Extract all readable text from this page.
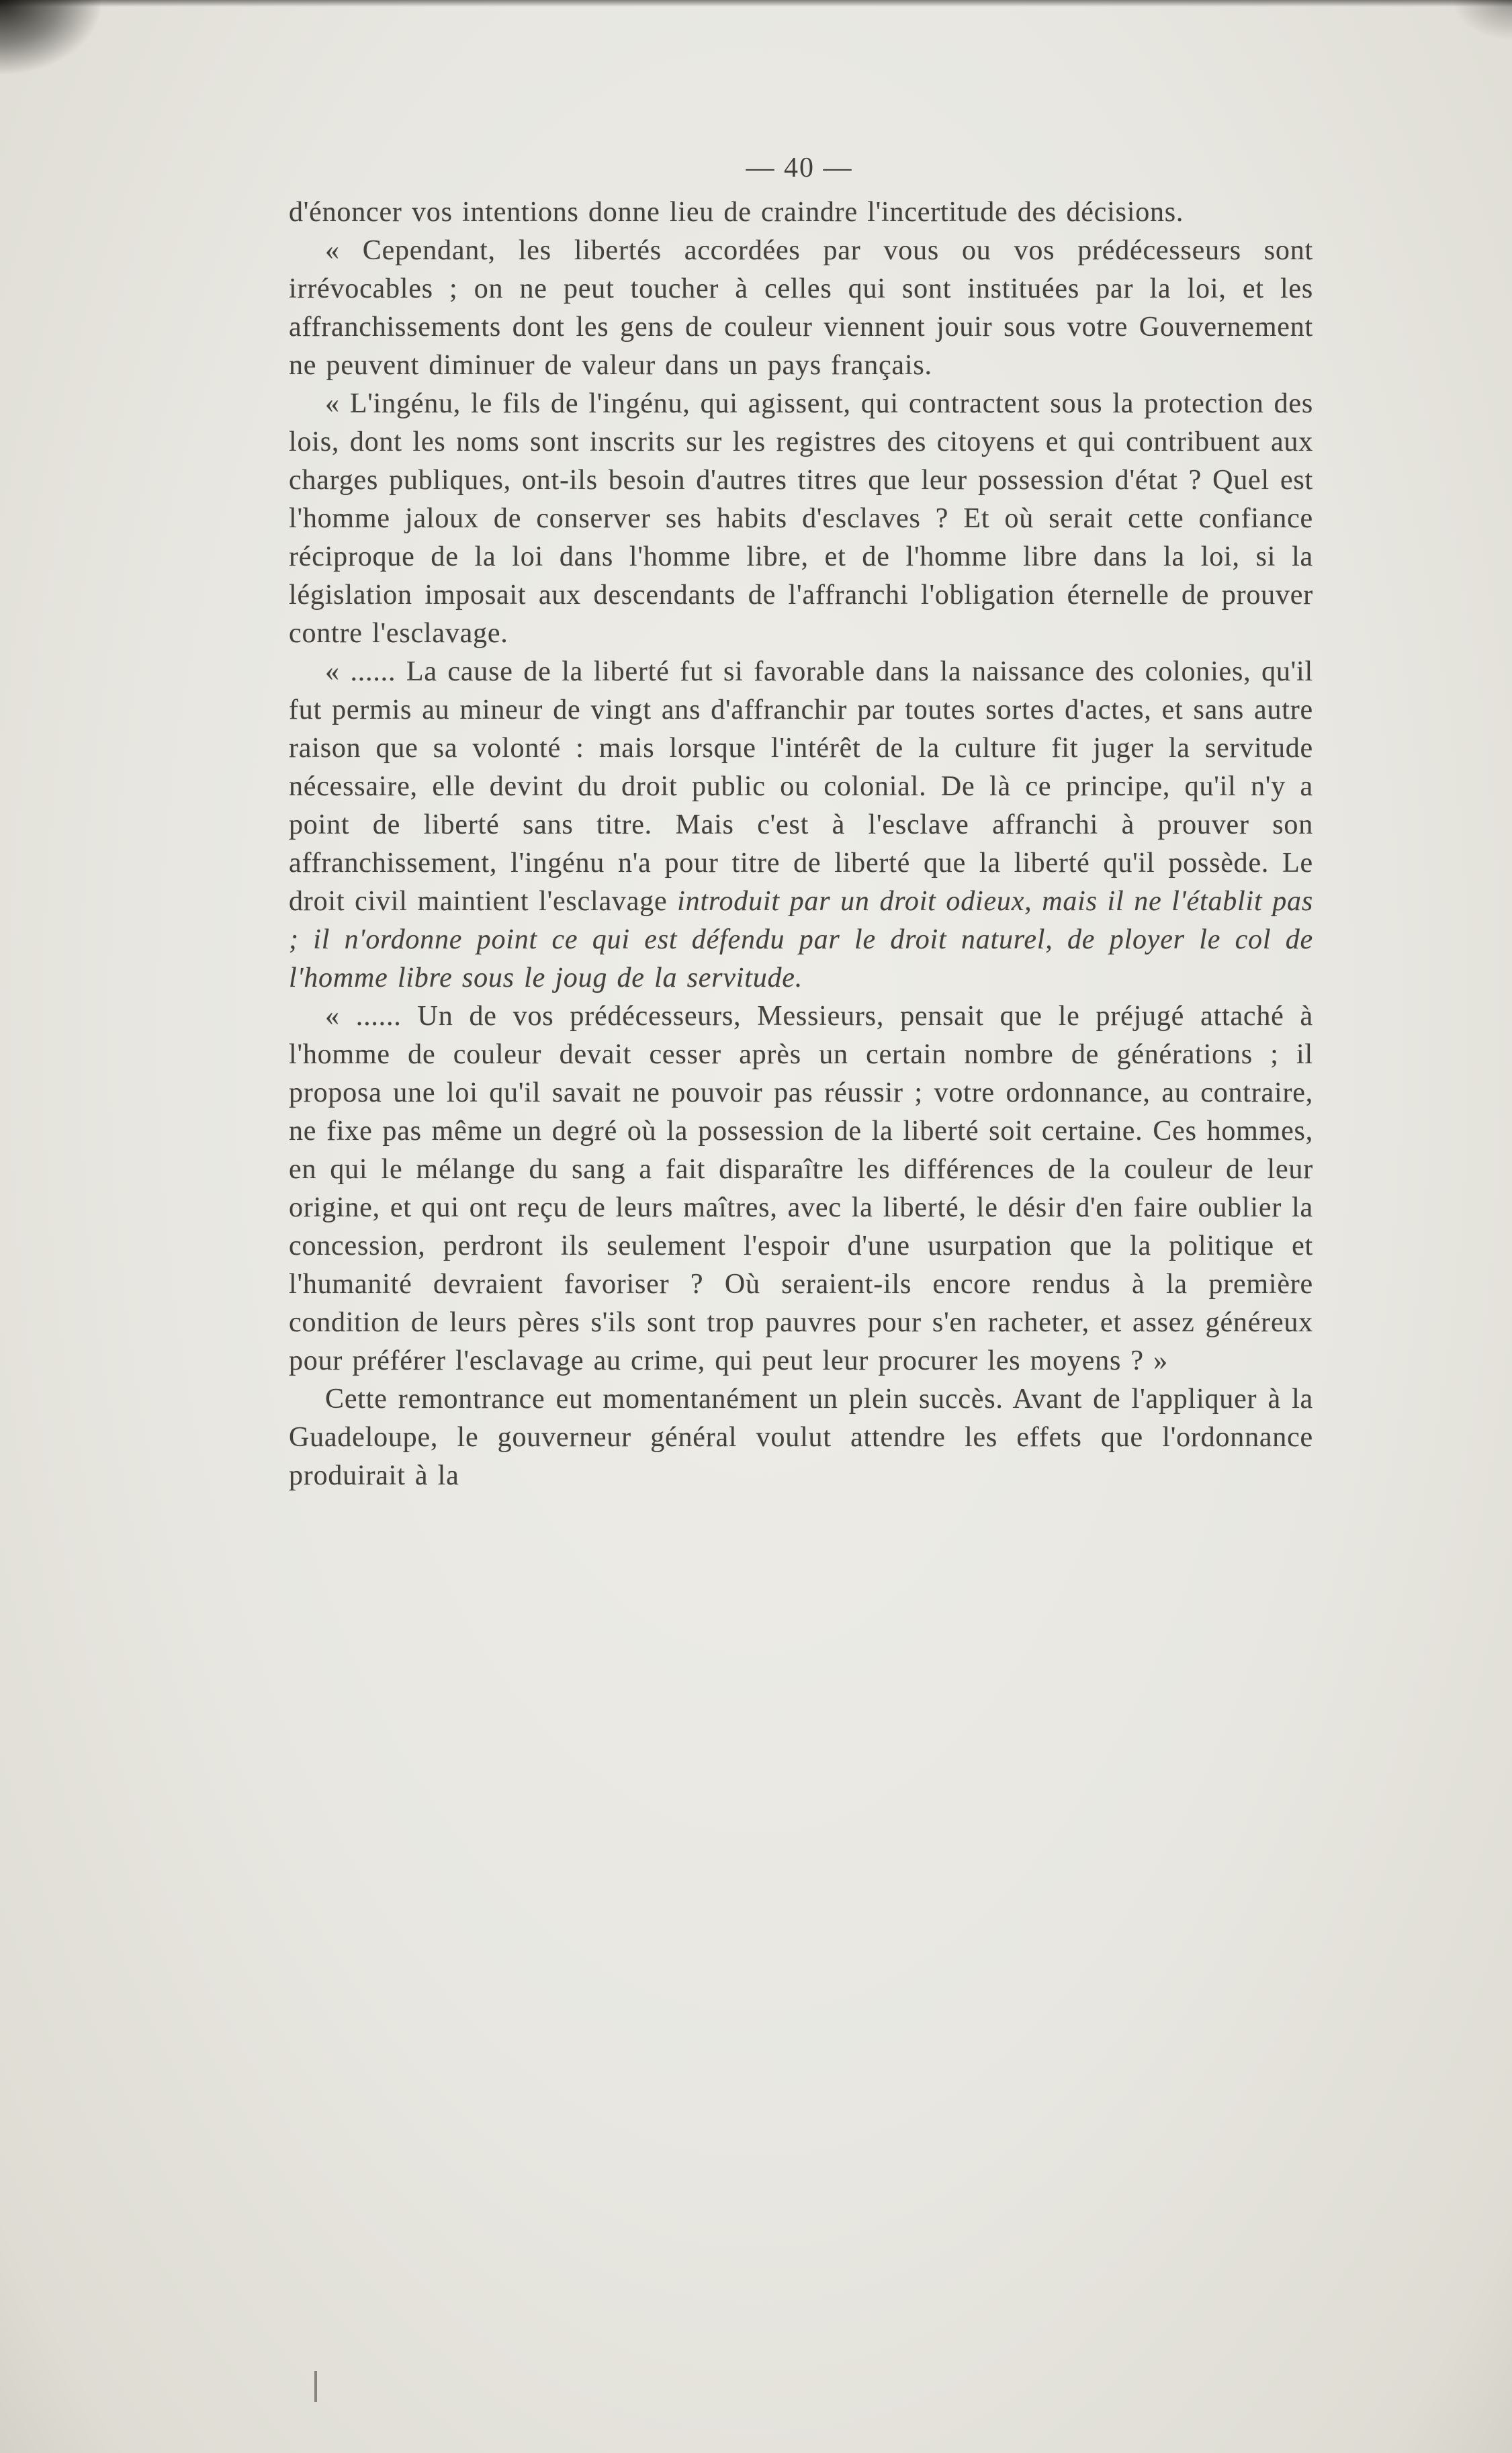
— 40 —

d'énoncer vos intentions donne lieu de craindre l'incertitude des décisions.

« Cependant, les libertés accordées par vous ou vos prédécesseurs sont irrévocables ; on ne peut toucher à celles qui sont instituées par la loi, et les affranchissements dont les gens de couleur viennent jouir sous votre Gouvernement ne peuvent diminuer de valeur dans un pays français.

« L'ingénu, le fils de l'ingénu, qui agissent, qui contractent sous la protection des lois, dont les noms sont inscrits sur les registres des citoyens et qui contribuent aux charges publiques, ont-ils besoin d'autres titres que leur possession d'état ? Quel est l'homme jaloux de conserver ses habits d'esclaves ? Et où serait cette confiance réciproque de la loi dans l'homme libre, et de l'homme libre dans la loi, si la législation imposait aux descendants de l'affranchi l'obligation éternelle de prouver contre l'esclavage.

« ...... La cause de la liberté fut si favorable dans la naissance des colonies, qu'il fut permis au mineur de vingt ans d'affranchir par toutes sortes d'actes, et sans autre raison que sa volonté : mais lorsque l'intérêt de la culture fit juger la servitude nécessaire, elle devint du droit public ou colonial. De là ce principe, qu'il n'y a point de liberté sans titre. Mais c'est à l'esclave affranchi à prouver son affranchissement, l'ingénu n'a pour titre de liberté que la liberté qu'il possède. Le droit civil maintient l'esclavage introduit par un droit odieux, mais il ne l'établit pas ; il n'ordonne point ce qui est défendu par le droit naturel, de ployer le col de l'homme libre sous le joug de la servitude.

« ...... Un de vos prédécesseurs, Messieurs, pensait que le préjugé attaché à l'homme de couleur devait cesser après un certain nombre de générations ; il proposa une loi qu'il savait ne pouvoir pas réussir ; votre ordonnance, au contraire, ne fixe pas même un degré où la possession de la liberté soit certaine. Ces hommes, en qui le mélange du sang a fait disparaître les différences de la couleur de leur origine, et qui ont reçu de leurs maîtres, avec la liberté, le désir d'en faire oublier la concession, perdront ils seulement l'espoir d'une usurpation que la politique et l'humanité devraient favoriser ? Où seraient-ils encore rendus à la première condition de leurs pères s'ils sont trop pauvres pour s'en racheter, et assez généreux pour préférer l'esclavage au crime, qui peut leur procurer les moyens ? »

Cette remontrance eut momentanément un plein succès. Avant de l'appliquer à la Guadeloupe, le gouverneur général voulut attendre les effets que l'ordonnance produirait à la
